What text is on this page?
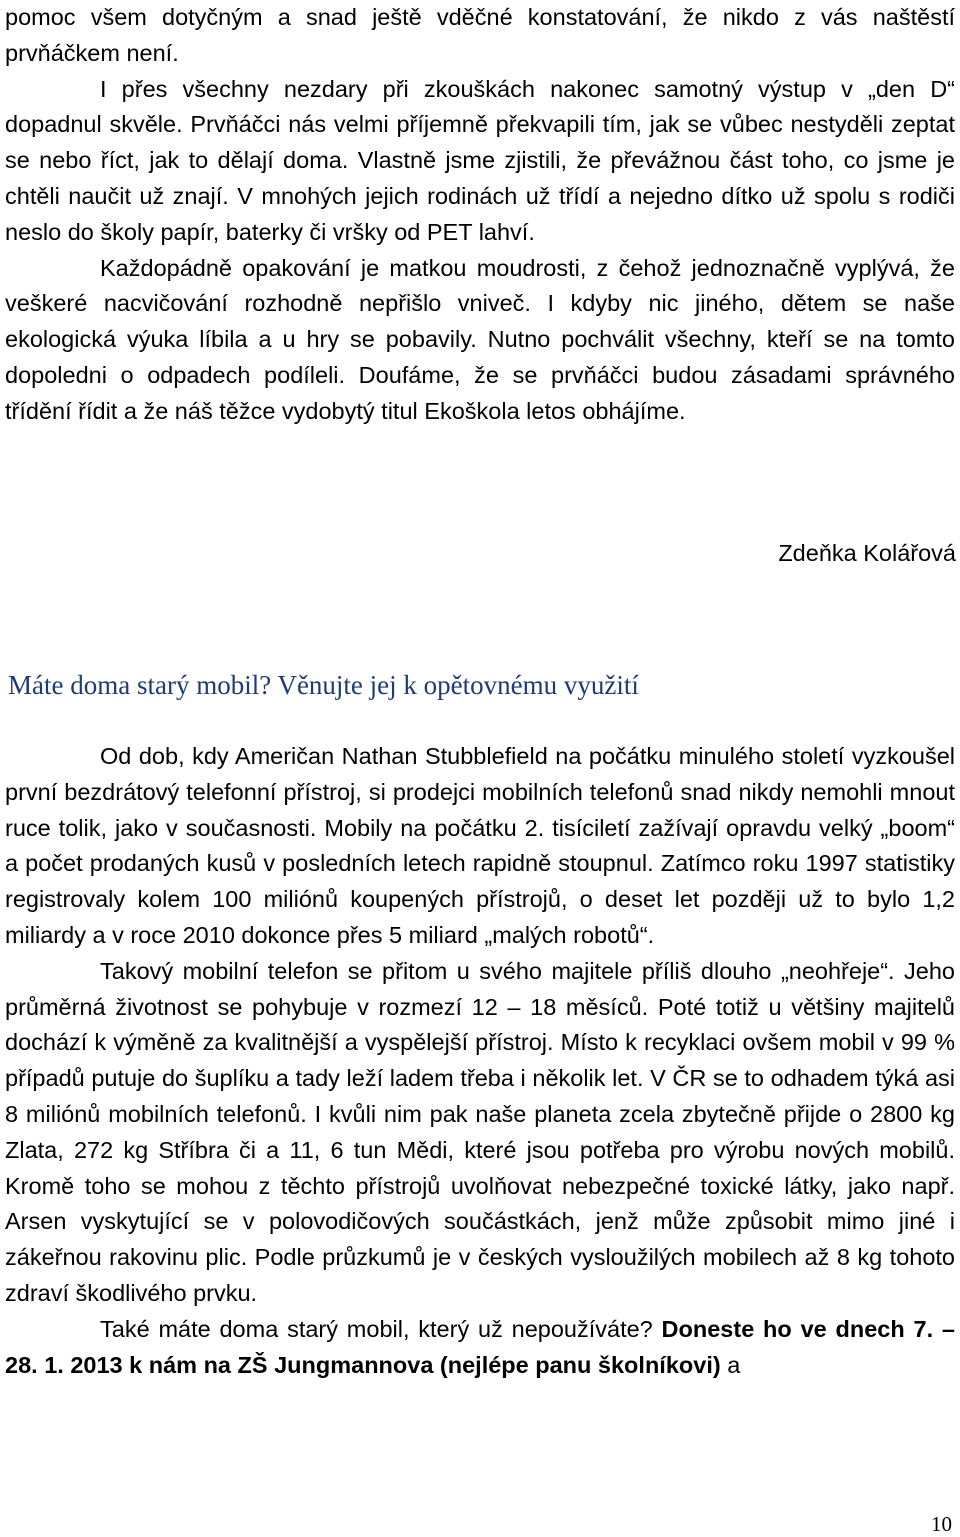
pomoc všem dotyčným a snad ještě vděčné konstatování, že nikdo z vás naštěstí prvňáčkem není.

I přes všechny nezdary při zkouškách nakonec samotný výstup v „den D“ dopadnul skvěle. Prvňáčci nás velmi příjemně překvapili tím, jak se vůbec nestyděli zeptat se nebo říct, jak to dělají doma. Vlastně jsme zjistili, že převážnou část toho, co jsme je chtěli naučit už znají. V mnohých jejich rodinách už třídí a nejedno dítko už spolu s rodiči neslo do školy papír, baterky či vršky od PET lahví.

Každopádně opakování je matkou moudrosti, z čehož jednoznačně vyplývá, že veškeré nacvičování rozhodně nepřišlo vniveč. I kdyby nic jiného, dětem se naše ekologická výuka líbila a u hry se pobavily. Nutno pochválit všechny, kteří se na tomto dopoledni o odpadech podíleli. Doufáme, že se prvňáčci budou zásadami správného třídění řídit a že náš těžce vydobytý titul Ekoškola letos obhájíme.

Zdeňka Kolářová
Máte doma starý mobil? Věnujte jej k opětovnému využití

Od dob, kdy Američan Nathan Stubblefield na počátku minulého století vyzkoušel první bezdrátový telefonní přístroj, si prodejci mobilních telefonů snad nikdy nemohli mnout ruce tolik, jako v současnosti. Mobily na počátku 2. tisíciletí zažívají opravdu velký „boom“ a počet prodaných kusů v posledních letech rapidně stoupnul. Zatímco roku 1997 statistiky registrovaly kolem 100 miliónů koupených přístrojů, o deset let později už to bylo 1,2 miliardy a v roce 2010 dokonce přes 5 miliard „malých robotů“.

Takový mobilní telefon se přitom u svého majitele příliš dlouho „neohřeje“. Jeho průměrná životnost se pohybuje v rozmezí 12 – 18 měsíců. Poté totiž u většiny majitelů dochází k výměně za kvalitnější a vyspělejší přístroj. Místo k recyklaci ovšem mobil v 99 % případů putuje do šuplíku a tady leží ladem třeba i několik let. V ČR se to odhadem týká asi 8 miliónů mobilních telefonů. I kvůli nim pak naše planeta zcela zbytečně přijde o 2800 kg Zlata, 272 kg Stříbra či a 11, 6 tun Mědi, které jsou potřeba pro výrobu nových mobilů. Kromě toho se mohou z těchto přístrojů uvolňovat nebezpečné toxické látky, jako např. Arsen vyskytující se v polovodičových součástkách, jenž může způsobit mimo jiné i zákeřnou rakovinu plic. Podle průzkumů je v českých vysloužilých mobilech až 8 kg tohoto zdraví škodlivého prvku.

Také máte doma starý mobil, který už nepoužíváte? Doneste ho ve dnech 7. – 28. 1. 2013 k nám na ZŠ Jungmannova (nejlépe panu školníkovi) a

10
